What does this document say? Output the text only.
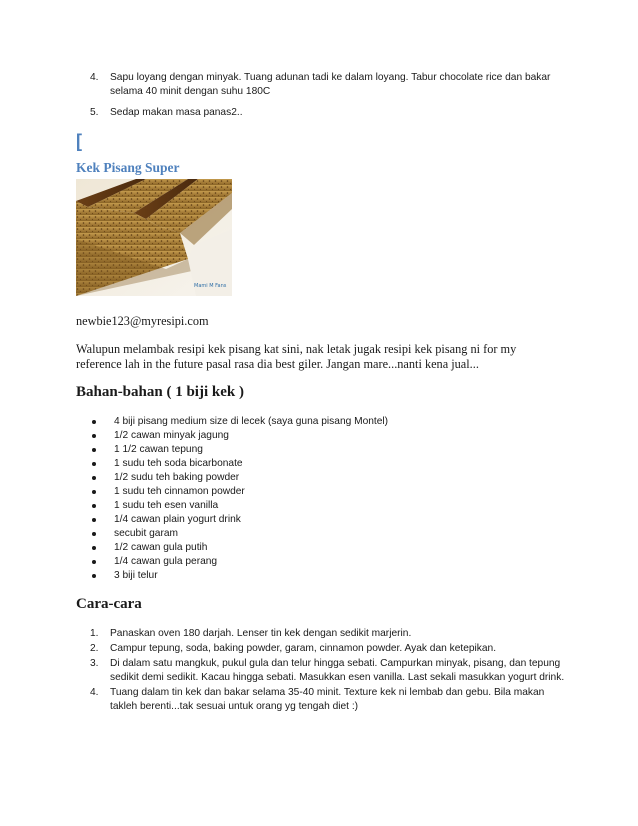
4. Sapu loyang dengan minyak. Tuang adunan tadi ke dalam loyang. Tabur chocolate rice dan bakar selama 40 minit dengan suhu 180C
5. Sedap makan masa panas2..
[
Kek Pisang Super
Mami M Fans

newbie123@myresipi.com

Walupun melambak resipi kek pisang kat sini, nak letak jugak resipi kek pisang ni for my reference lah in the future pasal rasa dia best giler. Jangan mare...nanti kena jual...

Bahan-bahan ( 1 biji kek )
4 biji pisang medium size di lecek (saya guna pisang Montel)
1/2 cawan minyak jagung
1 1/2 cawan tepung
1 sudu teh soda bicarbonate
1/2 sudu teh baking powder
1 sudu teh cinnamon powder
1 sudu teh esen vanilla
1/4 cawan plain yogurt drink
secubit garam
1/2 cawan gula putih
1/4 cawan gula perang
3 biji telur
Cara-cara
1. Panaskan oven 180 darjah. Lenser tin kek dengan sedikit marjerin.
2. Campur tepung, soda, baking powder, garam, cinnamon powder. Ayak dan ketepikan.
3. Di dalam satu mangkuk, pukul gula dan telur hingga sebati. Campurkan minyak, pisang, dan tepung sedikit demi sedikit. Kacau hingga sebati. Masukkan esen vanilla. Last sekali masukkan yogurt drink.
4. Tuang dalam tin kek dan bakar selama 35-40 minit. Texture kek ni lembab dan gebu. Bila makan takleh berenti...tak sesuai untuk orang yg tengah diet :)
